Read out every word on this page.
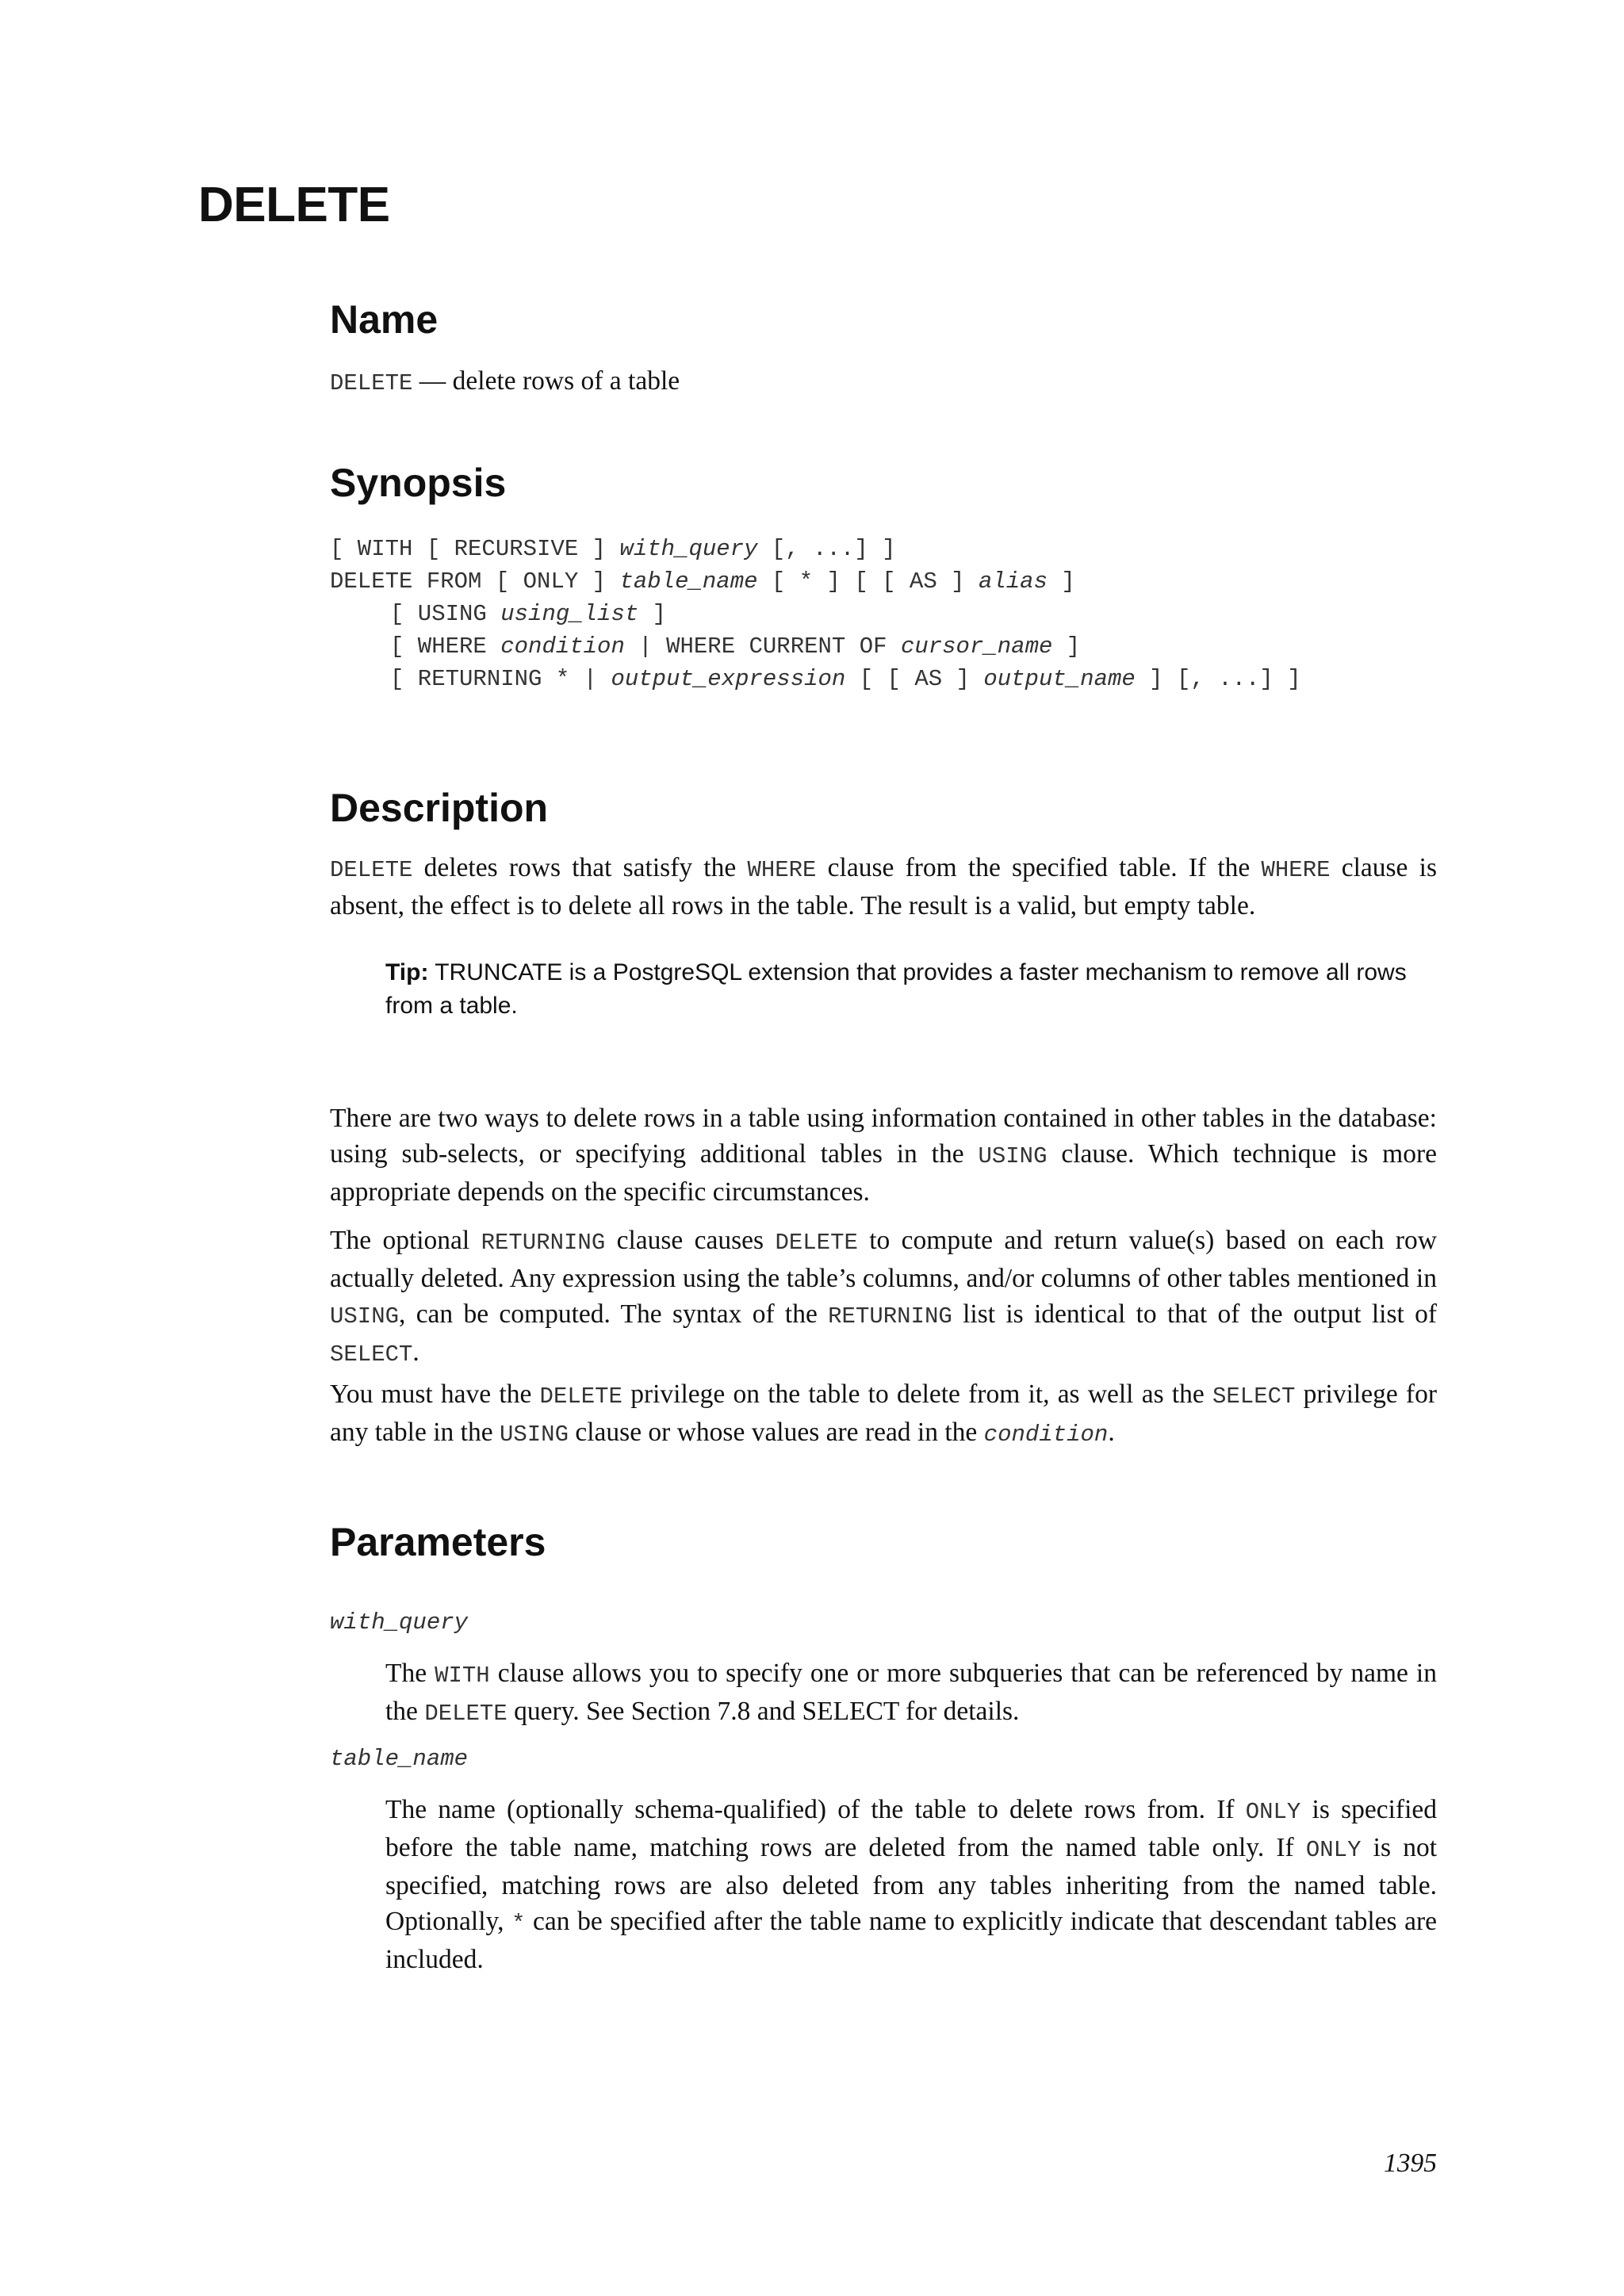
DELETE
Name

DELETE — delete rows of a table

Synopsis
[ WITH [ RECURSIVE ] with_query [, ...] ]
DELETE FROM [ ONLY ] table_name [ * ] [ [ AS ] alias ]
[ USING using_list ]
[ WHERE condition | WHERE CURRENT OF cursor_name ]
[ RETURNING * | output_expression [ [ AS ] output_name ] [, ...] ]
Description

DELETE deletes rows that satisfy the WHERE clause from the specified table. If the WHERE clause is absent, the effect is to delete all rows in the table. The result is a valid, but empty table.

Tip: TRUNCATE is a PostgreSQL extension that provides a faster mechanism to remove all rows from a table.

There are two ways to delete rows in a table using information contained in other tables in the database: using sub-selects, or specifying additional tables in the USING clause. Which technique is more appropriate depends on the specific circumstances.

The optional RETURNING clause causes DELETE to compute and return value(s) based on each row actually deleted. Any expression using the table’s columns, and/or columns of other tables mentioned in USING, can be computed. The syntax of the RETURNING list is identical to that of the output list of SELECT.

You must have the DELETE privilege on the table to delete from it, as well as the SELECT privilege for any table in the USING clause or whose values are read in the condition.

Parameters
with_query

The WITH clause allows you to specify one or more subqueries that can be referenced by name in the DELETE query. See Section 7.8 and SELECT for details.

table_name

The name (optionally schema-qualified) of the table to delete rows from. If ONLY is specified before the table name, matching rows are deleted from the named table only. If ONLY is not specified, matching rows are also deleted from any tables inheriting from the named table. Optionally, * can be specified after the table name to explicitly indicate that descendant tables are included.

1395
